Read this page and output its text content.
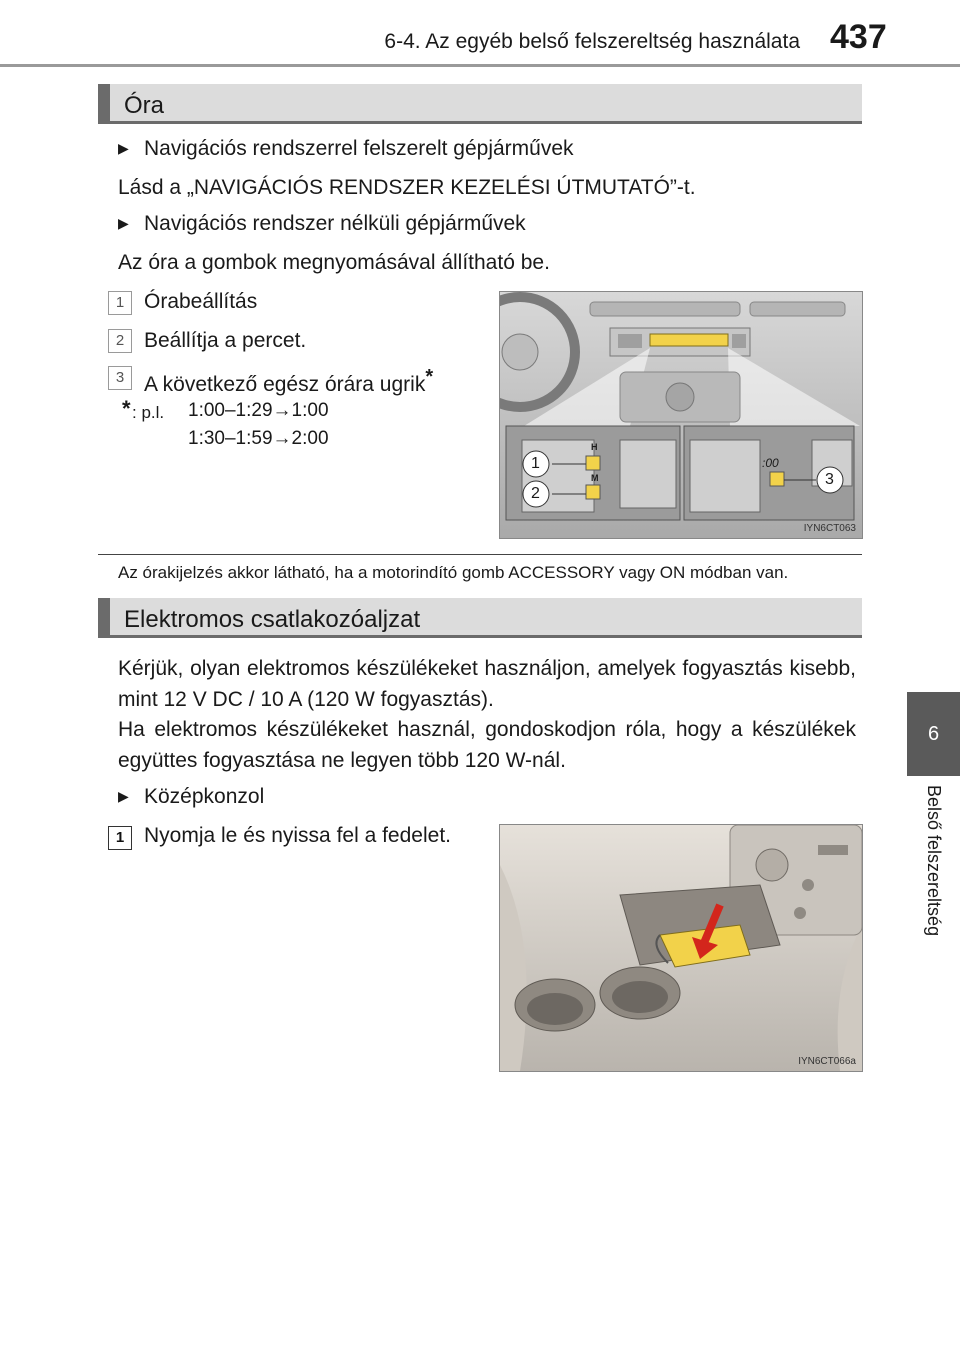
6-4. Az egyéb belső felszereltség használata 437
6
Belső felszereltség
Óra
▶ Navigációs rendszerrel felszerelt gépjárművek
Lásd a „NAVIGÁCIÓS RENDSZER KEZELÉSI ÚTMUTATÓ”-t.
▶ Navigációs rendszer nélküli gépjárművek
Az óra a gombok megnyomásával állítható be.
1 Órabeállítás
2 Beállítja a percet.
3 A következő egész órára ugrik*
* : p.l. 1:00–1:29→1:00
1:30–1:59→2:00	H
M
:00
1
2
3
IYN6CT063
Az órakijelzés akkor látható, ha a motorindító gomb ACCESSORY vagy ON módban van.
Elektromos csatlakozóaljzat
Kérjük, olyan elektromos készülékeket használjon, amelyek fogyasztás kisebb, mint 12 V DC / 10 A (120 W fogyasztás).
Ha elektromos készülékeket használ, gondoskodjon róla, hogy a készülékek együttes fogyasztása ne legyen több 120 W-nál.
▶ Középkonzol
1 Nyomja le és nyissa fel a fedelet.
IYN6CT066a
